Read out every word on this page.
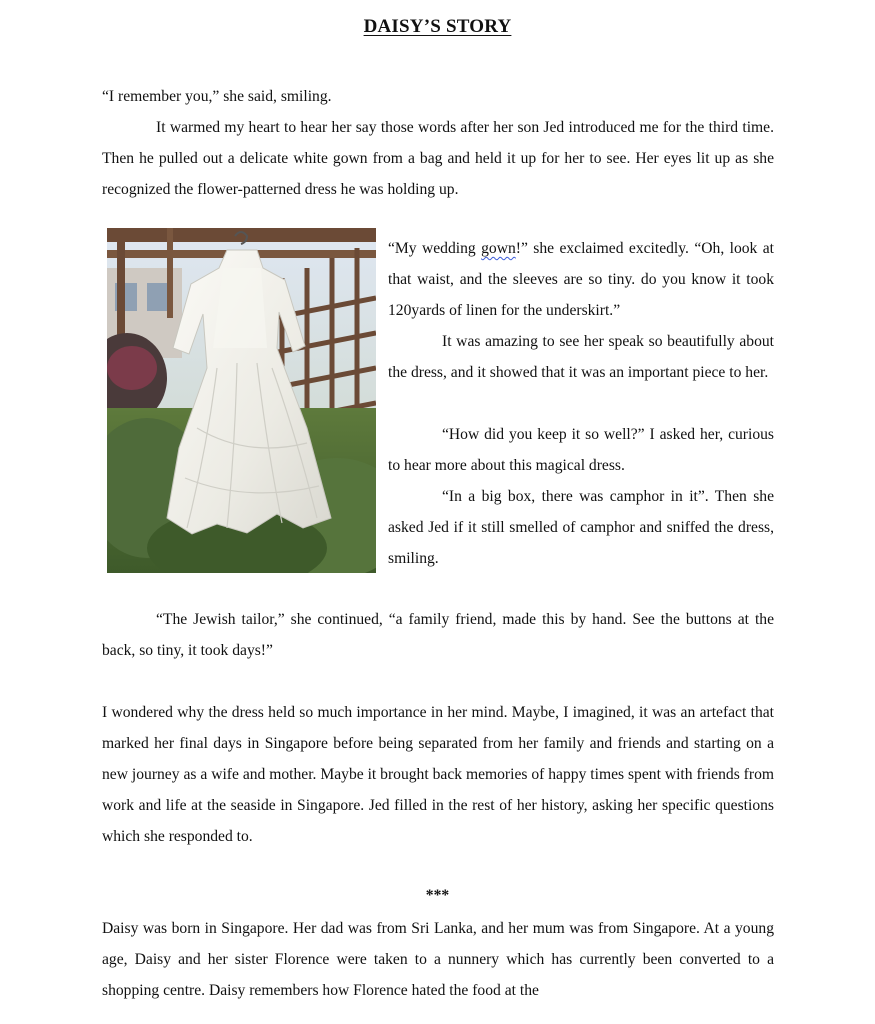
DAISY’S STORY
“I remember you,” she said, smiling.
It warmed my heart to hear her say those words after her son Jed introduced me for the third time. Then he pulled out a delicate white gown from a bag and held it up for her to see. Her eyes lit up as she recognized the flower-patterned dress he was holding up.
“My wedding gown!” she exclaimed excitedly. “Oh, look at that waist, and the sleeves are so tiny. do you know it took 120yards of linen for the underskirt.”
It was amazing to see her speak so beautifully about the dress, and it showed that it was an important piece to her.
“How did you keep it so well?” I asked her, curious to hear more about this magical dress.
“In a big box, there was camphor in it”. Then she asked Jed if it still smelled of camphor and sniffed the dress, smiling.
“The Jewish tailor,” she continued, “a family friend, made this by hand. See the buttons at the back, so tiny, it took days!”
I wondered why the dress held so much importance in her mind. Maybe, I imagined, it was an artefact that marked her final days in Singapore before being separated from her family and friends and starting on a new journey as a wife and mother. Maybe it brought back memories of happy times spent with friends from work and life at the seaside in Singapore. Jed filled in the rest of her history, asking her specific questions which she responded to.
***
Daisy was born in Singapore. Her dad was from Sri Lanka, and her mum was from Singapore. At a young age, Daisy and her sister Florence were taken to a nunnery which has currently been converted to a shopping centre. Daisy remembers how Florence hated the food at the
